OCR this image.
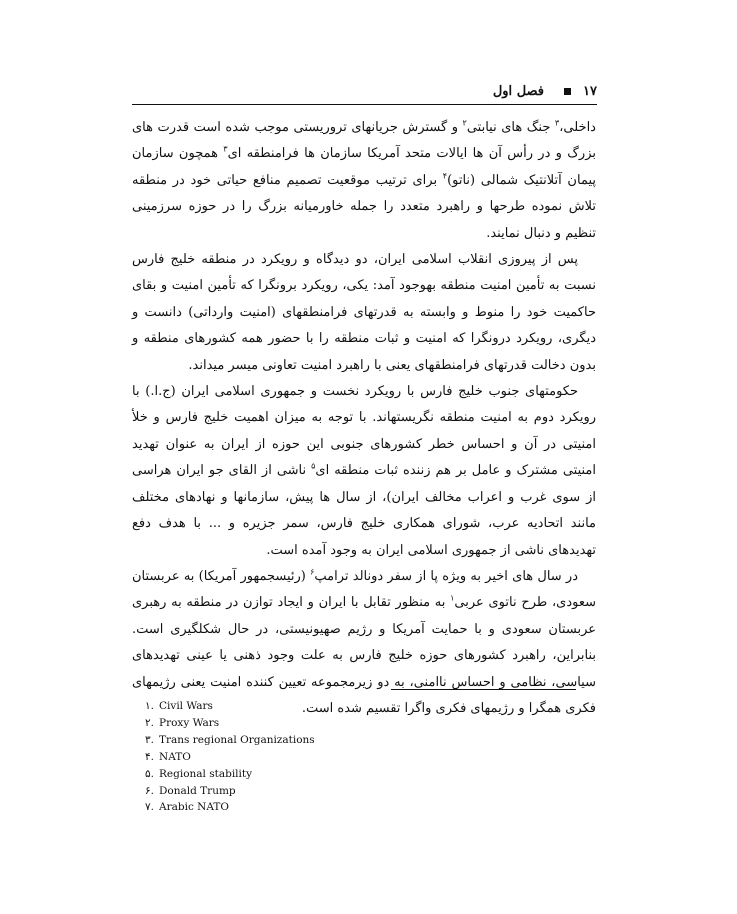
۱۷
فصل اول

داخلی،$^۳$ جنگ های نیابتی$^۲$ و گسترش جریانهای تروریستی موجب شده است قدرت های بزرگ و در رأس آن ها ایالات متحد آمریکا سازمان ها فرامنطقه ای$^۳$ همچون سازمان پیمان آتلانتیک شمالی (ناتو)$^۴$ برای ترتیب موقعیت تصمیم منافع حیاتی خود در منطقه تلاش نموده طرحها و راهبرد متعدد را جمله خاورمیانه بزرگ را در حوزه سرزمینی تنظیم و دنبال نمایند.

پس از پیروزی انقلاب اسلامی ایران، دو دیدگاه و رویکرد در منطقه خلیج فارس نسبت به تأمین امنیت منطقه بهوجود آمد: یکی، رویکرد برونگرا که تأمین امنیت و بقای حاکمیت خود را منوط و وابسته به قدرتهای فرامنطقهای (امنیت وارداتی) دانست و دیگری، رویکرد درونگرا که امنیت و ثبات منطقه را با حضور همه کشورهای منطقه و بدون دخالت قدرتهای فرامنطقهای یعنی با راهبرد امنیت تعاونی میسر میداند.

حکومتهای جنوب خلیج فارس با رویکرد نخست و جمهوری اسلامی ایران (ج.ا.) با رویکرد دوم به امنیت منطقه نگریستهاند. با توجه به میزان اهمیت خلیج فارس و خلأ امنیتی در آن و احساس خطر کشورهای جنوبی این حوزه از ایران به عنوان تهدید امنیتی مشترک و عامل بر هم زننده ثبات منطقه ای$^۵$ ناشی از القای جو ایران هراسی از سوی غرب و اعراب مخالف ایران)، از سال ها پیش، سازمانها و نهادهای مختلف مانند اتحادیه عرب، شورای همکاری خلیج فارس، سمر جزیره و ... با هدف دفع تهدیدهای ناشی از جمهوری اسلامی ایران به وجود آمده است.

در سال های اخیر به ویژه پا از سفر دونالد ترامپ$^۶$ (رئیسجمهور آمریکا) به عربستان سعودی، طرح ناتوی عربی$^۱$ به منظور تقابل با ایران و ایجاد توازن در منطقه به رهبری عربستان سعودی و با حمایت آمریکا و رژیم صهیونیستی، در حال شکلگیری است. بنابراین، راهبرد کشورهای حوزه خلیج فارس به علت وجود ذهنی یا عینی تهدیدهای سیاسی، نظامی و احساس ناامنی، به دو زیرمجموعه تعیین کننده امنیت یعنی رژیمهای فکری همگرا و رژیمهای فکری واگرا تقسیم شده است.

۱. Civil Wars
۲. Proxy Wars
۳. Trans regional Organizations
۴. NATO
۵. Regional stability
۶. Donald Trump
۷. Arabic NATO
